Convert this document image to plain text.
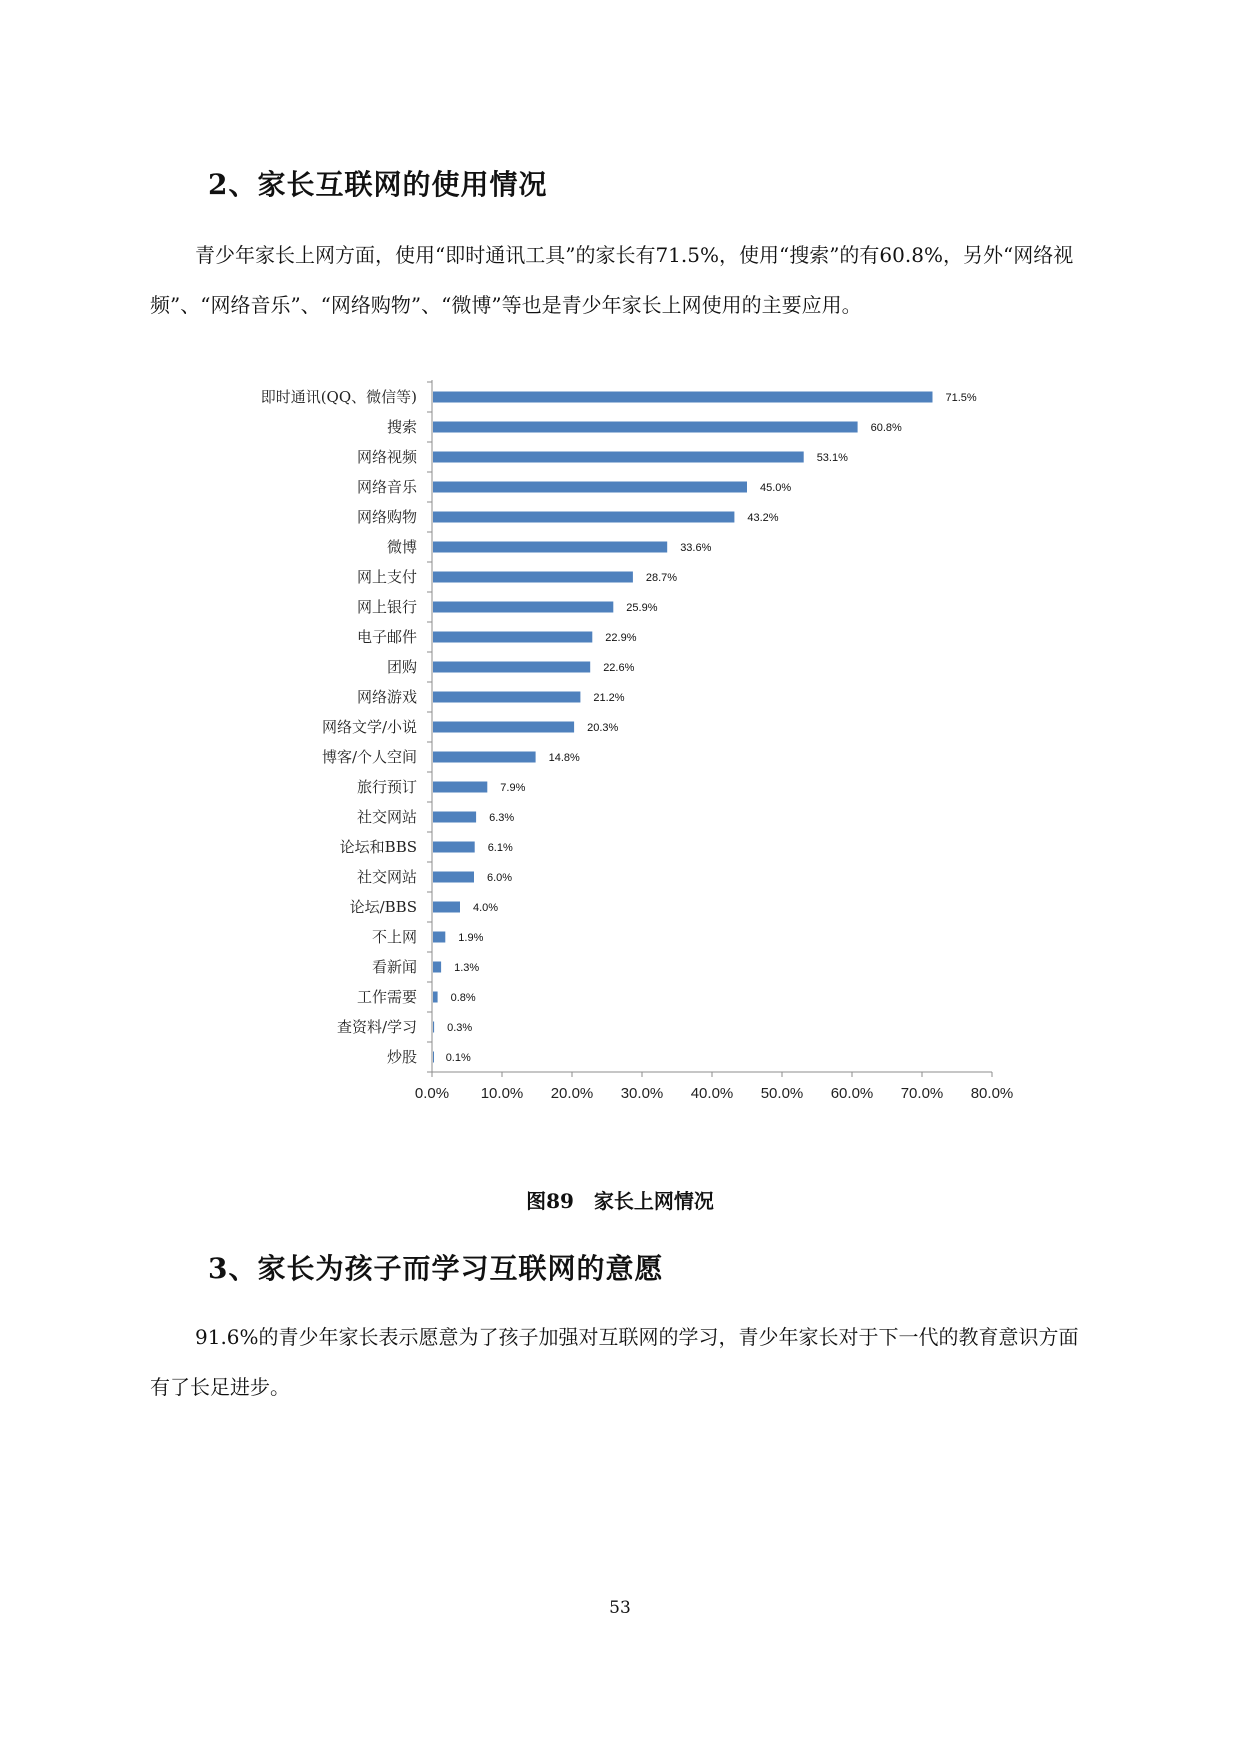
2、家长互联网的使用情况

青少年家长上网方面，使用“即时通讯工具”的家长有71.5%，使用“搜索”的有60.8%，另外“网络视频”、“网络音乐”、“网络购物”、“微博”等也是青少年家长上网使用的主要应用。

0.0% 10.0% 20.0% 30.0% 40.0% 50.0% 60.0% 70.0% 80.0%
即时通讯(QQ、微信等)	71.5%
搜索	60.8%
网络视频	53.1%
网络音乐	45.0%
网络购物	43.2%
微博	33.6%
网上支付	28.7%
网上银行	25.9%
电子邮件	22.9%
团购	22.6%
网络游戏	21.2%
网络文学/小说	20.3%
博客/个人空间	14.8%
旅行预订	7.9%
社交网站	6.3%
论坛和BBS	6.1%
社交网站	6.0%
论坛/BBS	4.0%
不上网	1.9%
看新闻	1.3%
工作需要	0.8%
查资料/学习	0.3%
炒股	0.1%
图89　家长上网情况
3、家长为孩子而学习互联网的意愿

91.6%的青少年家长表示愿意为了孩子加强对互联网的学习，青少年家长对于下一代的教育意识方面有了长足进步。

53
